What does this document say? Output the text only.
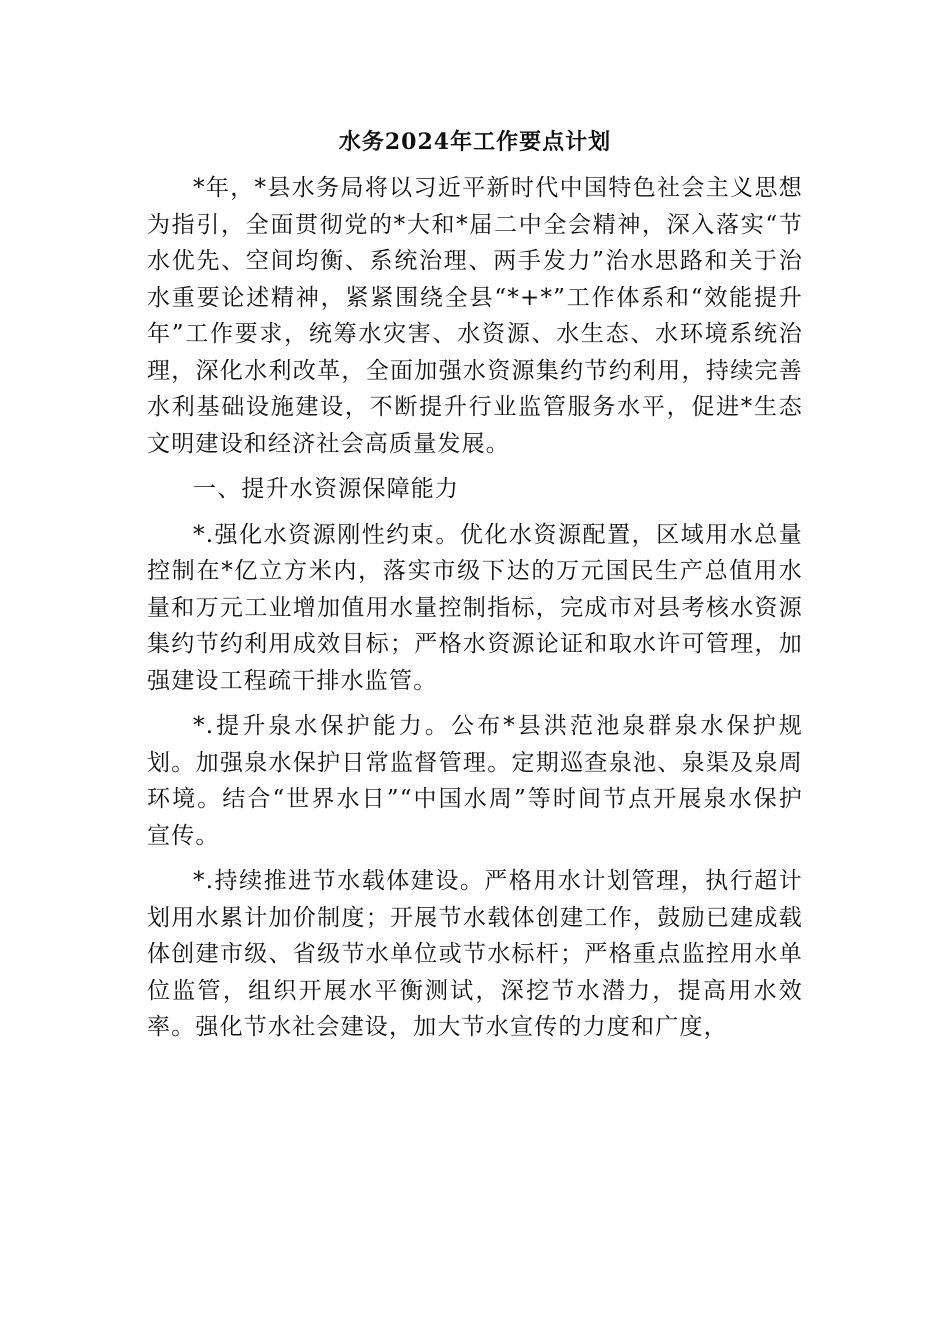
水务2024年工作要点计划

*年，*县水务局将以习近平新时代中国特色社会主义思想为指引，全面贯彻党的*大和*届二中全会精神，深入落实“节水优先、空间均衡、系统治理、两手发力”治水思路和关于治水重要论述精神，紧紧围绕全县“*+*”工作体系和“效能提升年”工作要求，统筹水灾害、水资源、水生态、水环境系统治理，深化水利改革，全面加强水资源集约节约利用，持续完善水利基础设施建设，不断提升行业监管服务水平，促进*生态文明建设和经济社会高质量发展。

一、提升水资源保障能力

*.强化水资源刚性约束。优化水资源配置，区域用水总量控制在*亿立方米内，落实市级下达的万元国民生产总值用水量和万元工业增加值用水量控制指标，完成市对县考核水资源集约节约利用成效目标；严格水资源论证和取水许可管理，加强建设工程疏干排水监管。

*.提升泉水保护能力。公布*县洪范池泉群泉水保护规划。加强泉水保护日常监督管理。定期巡查泉池、泉渠及泉周环境。结合“世界水日”“中国水周”等时间节点开展泉水保护宣传。

*.持续推进节水载体建设。严格用水计划管理，执行超计划用水累计加价制度；开展节水载体创建工作，鼓励已建成载体创建市级、省级节水单位或节水标杆；严格重点监控用水单位监管，组织开展水平衡测试，深挖节水潜力，提高用水效率。强化节水社会建设，加大节水宣传的力度和广度，
